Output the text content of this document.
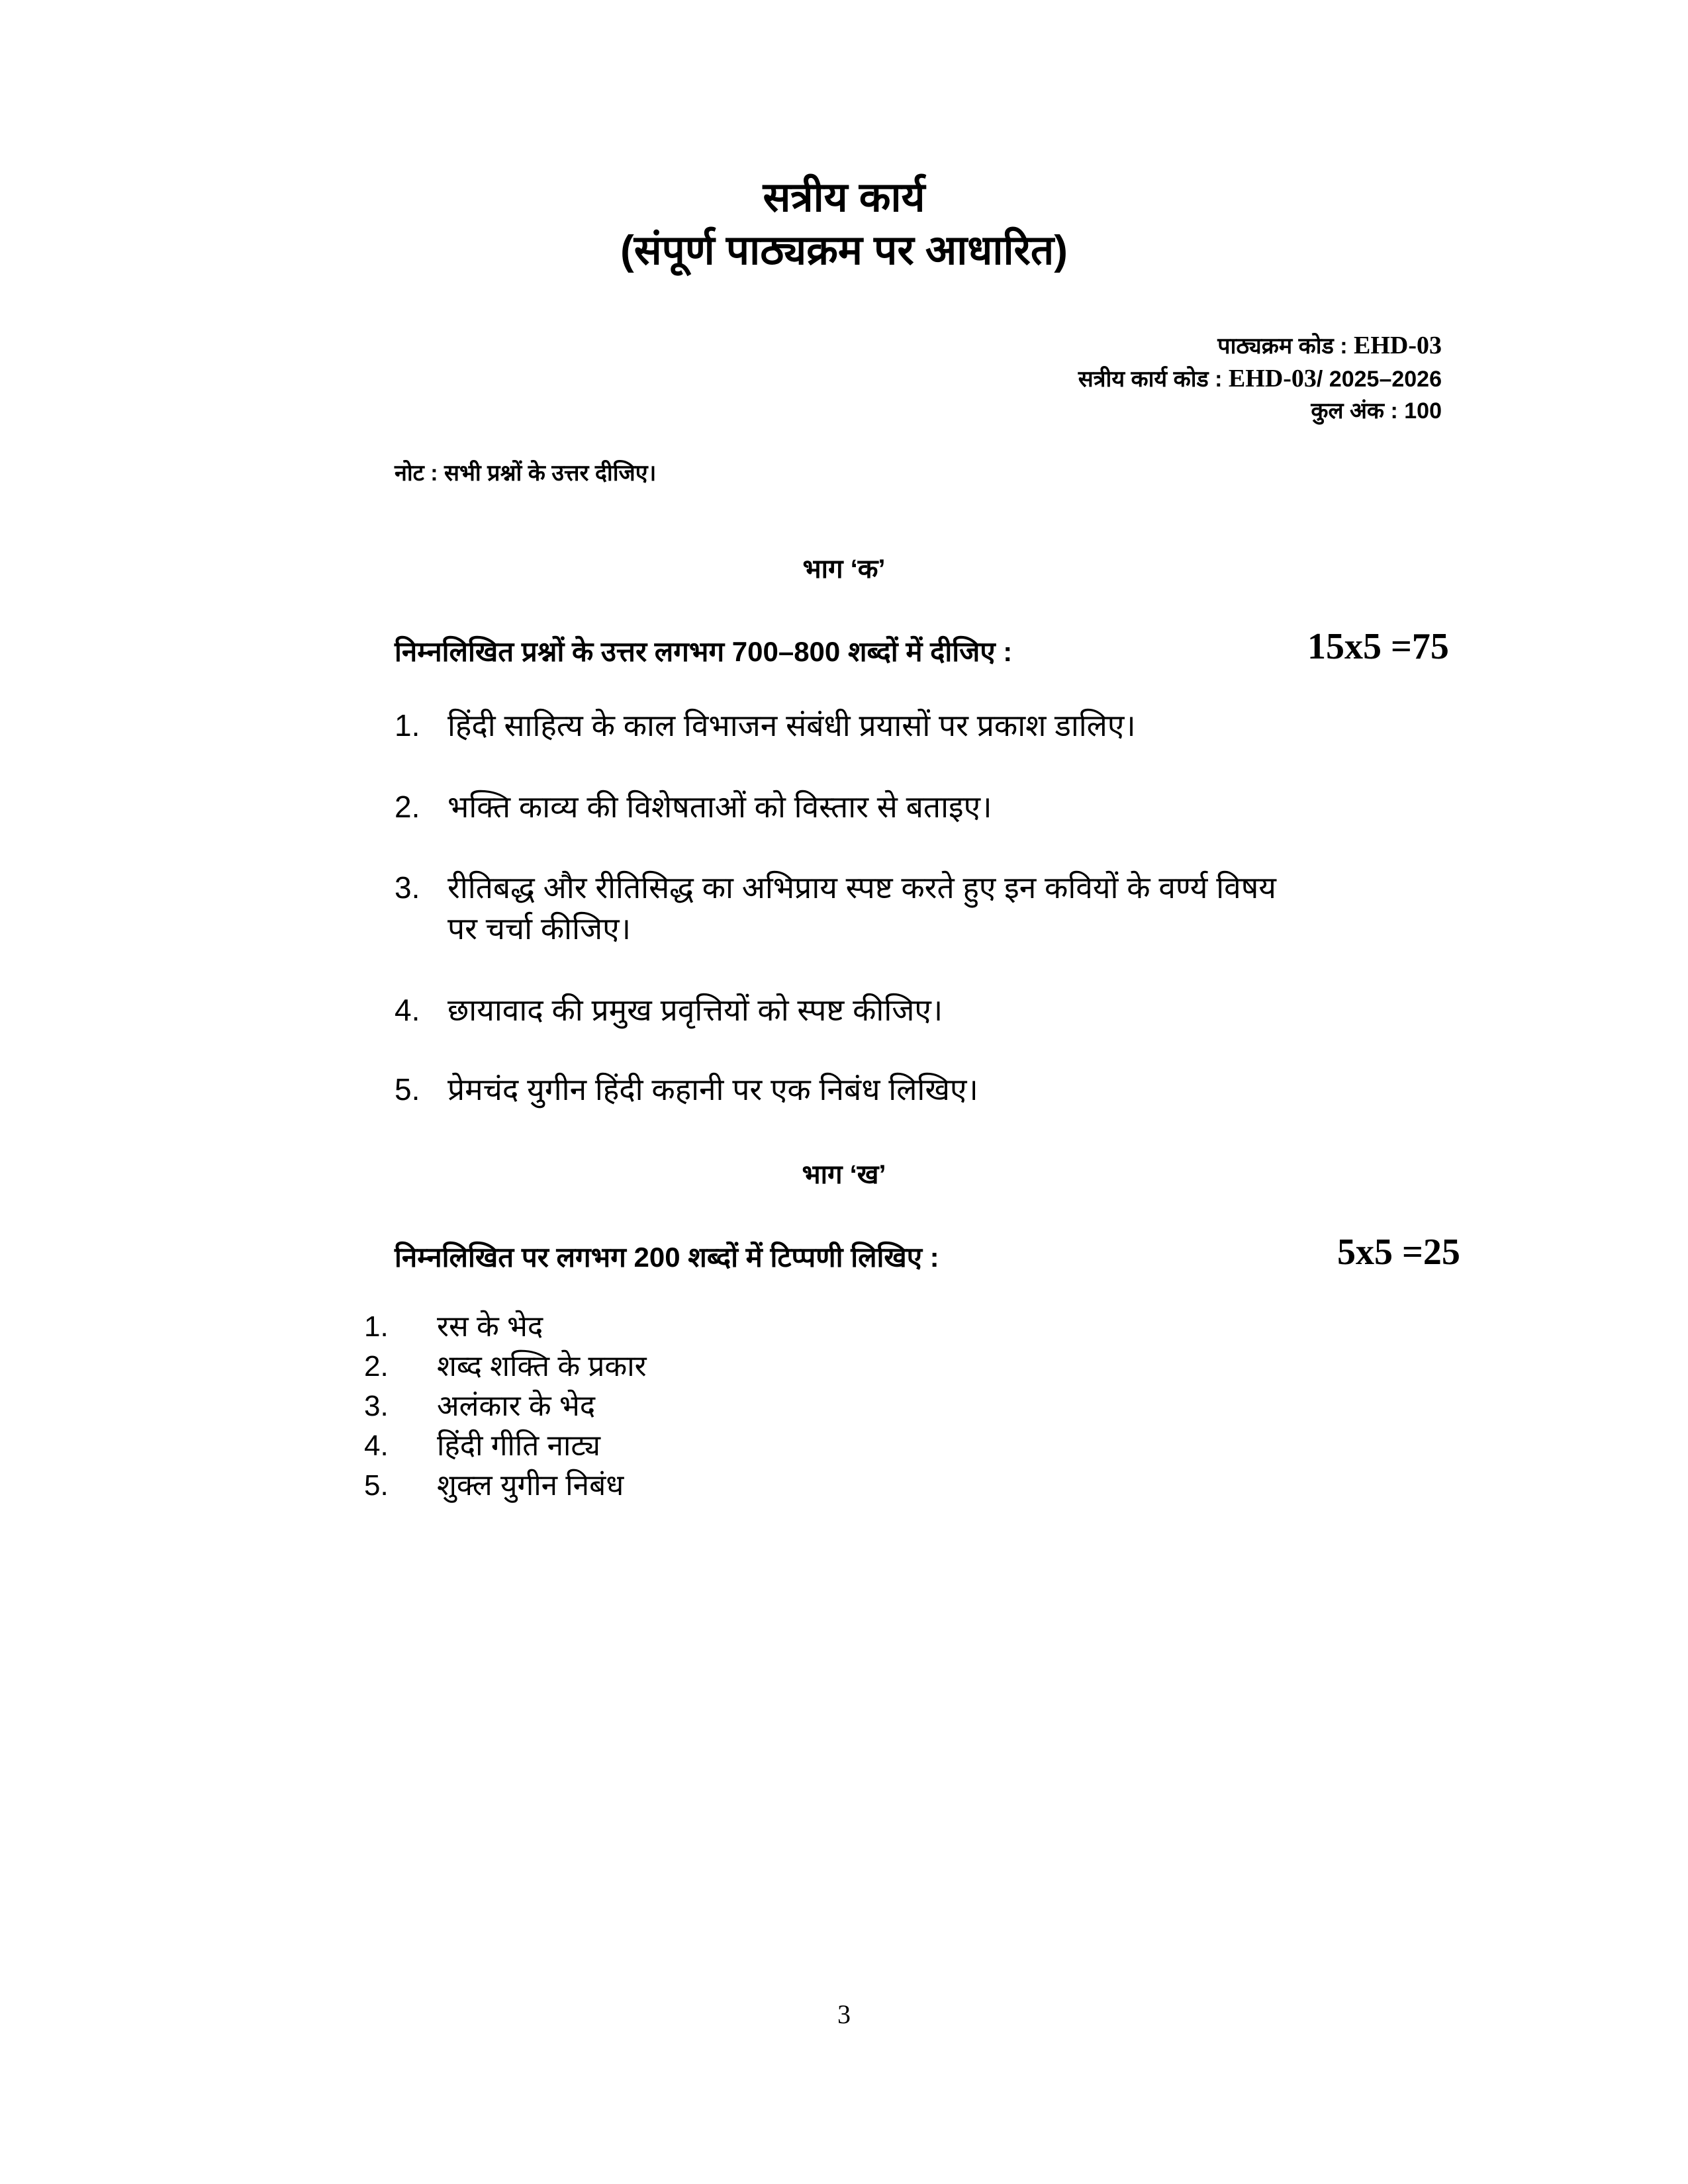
सत्रीय कार्य
(संपूर्ण पाठ्यक्रम पर आधारित)
पाठ्यक्रम कोड : EHD-03
सत्रीय कार्य कोड : EHD-03/ 2025–2026
कुल अंक : 100
नोट : सभी प्रश्नों के उत्तर दीजिए।
भाग ‘क’
निम्नलिखित प्रश्नों के उत्तर लगभग 700–800 शब्दों में दीजिए :	15x5 =75
1. हिंदी साहित्य के काल विभाजन संबंधी प्रयासों पर प्रकाश डालिए।
2. भक्ति काव्य की विशेषताओं को विस्तार से बताइए।
3. रीतिबद्ध और रीतिसिद्ध का अभिप्राय स्पष्ट करते हुए इन कवियों के वर्ण्य विषय पर चर्चा कीजिए।
4. छायावाद की प्रमुख प्रवृत्तियों को स्पष्ट कीजिए।
5. प्रेमचंद युगीन हिंदी कहानी पर एक निबंध लिखिए।
भाग ‘ख’
निम्नलिखित पर लगभग 200 शब्दों में टिप्पणी लिखिए :	5x5 =25
1.	रस के भेद
2.	शब्द शक्ति के प्रकार
3.	अलंकार के भेद
4.	हिंदी गीति नाट्य
5.	शुक्ल युगीन निबंध
3
